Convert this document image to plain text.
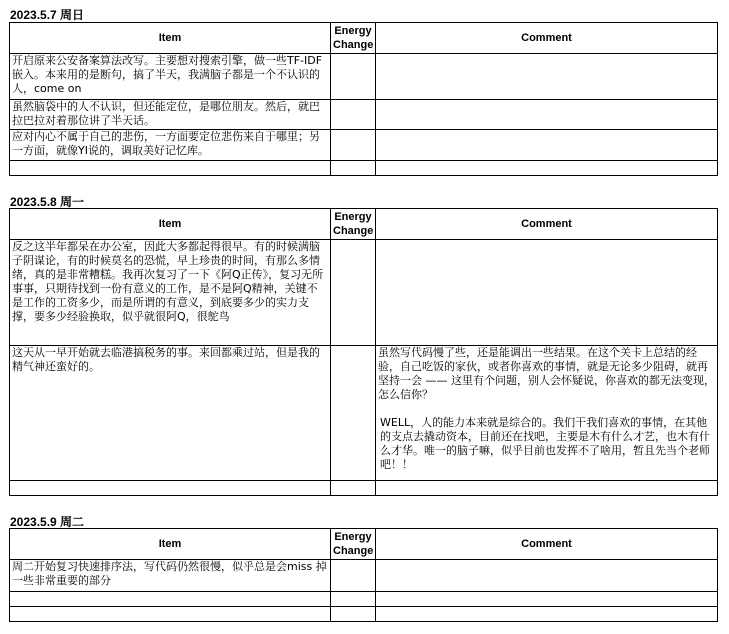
2023.5.7 周日
Item	Energy Change	Comment
开启原来公安备案算法改写。主要想对搜索引擎，做一些TF-IDF嵌入。本来用的是断句，搞了半天，我满脑子都是一个不认识的人，come on		
虽然脑袋中的人不认识，但还能定位，是哪位朋友。然后，就巴拉巴拉对着那位讲了半天话。		
应对内心不属于自己的悲伤，一方面要定位悲伤来自于哪里；另一方面，就像YI说的，调取美好记忆库。		

2023.5.8 周一
Item	Energy Change	Comment
反之这半年都呆在办公室，因此大多都起得很早。有的时候满脑子阴谋论，有的时候莫名的恐慌，早上珍贵的时间，有那么多情绪，真的是非常糟糕。我再次复习了一下《阿Q正传》，复习无所事事，只期待找到一份有意义的工作，是不是阿Q精神，关键不是工作的工资多少，而是所谓的有意义，到底要多少的实力支撑，要多少经验换取，似乎就很阿Q，很鸵鸟		
这天从一早开始就去临港搞税务的事。来回都乘过站，但是我的精气神还蛮好的。		虽然写代码慢了些，还是能调出一些结果。在这个关卡上总结的经验，自己吃饭的家伙，或者你喜欢的事情，就是无论多少阻碍，就再坚持一会 —— 这里有个问题，别人会怀疑说，你喜欢的都无法变现，怎么信你？

WELL，人的能力本来就是综合的。我们干我们喜欢的事情，在其他的支点去撬动资本，目前还在找吧，主要是木有什么才艺，也木有什么才华。唯一的脑子嘛，似乎目前也发挥不了啥用，暂且先当个老师吧！！

2023.5.9 周二
Item	Energy Change	Comment
周二开始复习快速排序法，写代码仍然很慢，似乎总是会miss 掉一些非常重要的部分		
